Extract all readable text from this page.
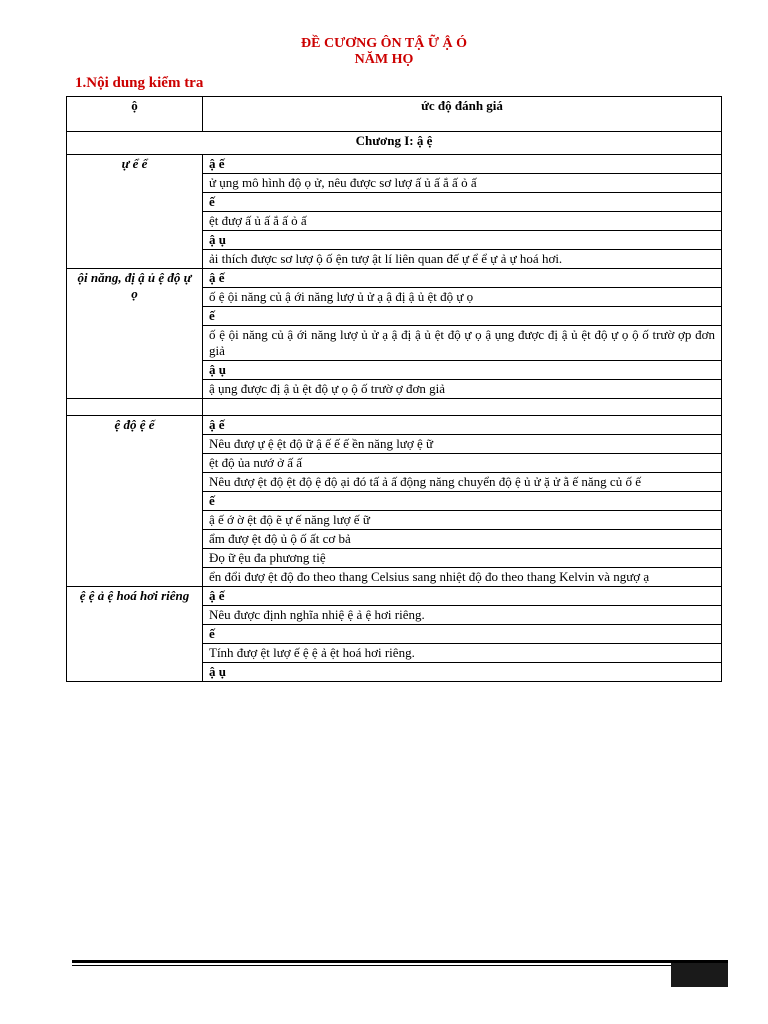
ĐỀ CƯƠNG ÔN TẬ Ữ Ậ Ó
NĂM HỌ
1.Nội dung kiểm tra
ộ	ức độ đánh giá
Chương I: ậ ệ	
ự ể ể	ậ ế
	ử ụng mô hình độ ọ ử, nêu được sơ lượ ấ ủ ấ ắ ấ ỏ ấ
	ế
	ệt đượ ấ ủ ấ ắ ấ ỏ ấ
	ậ ụ
	ải thích được sơ lượ ộ ố ện tượ ật lí liên quan đế ự ể ể ự ả ự hoá hơi.
ội năng, đị ậ ủ ệ độ ự ọ	ậ ế
	ố ệ ội năng củ ậ ới năng lượ ủ ử ạ ậ đị ậ ủ ệt độ ự ọ
	ế
	ố ệ ội năng củ ậ ới năng lượ ủ ử ạ ậ đị ậ ủ ệt độ ự ọ ậ ụng được đị ậ ủ ệt độ ự ọ ộ ố trườ ợp đơn giả
	ậ ụ
	ậ ụng được đị ậ ủ ệt độ ự ọ ộ ố trườ ợ đơn giả

ệ độ ệ ế	ậ ế
	Nêu đượ ự ệ ệt độ ữ ậ ế ế ế ền năng lượ ệ ữ
	ệt độ ủa nướ ở ấ ấ
	Nêu đượ ệt độ ệt độ ệ độ ại đó tấ ả ấ động năng chuyển độ ệ ủ ử ặ ử ằ ế năng củ ố ế
	ế
	ậ ế ớ ờ ệt độ ẽ ự ế năng lượ ế ữ
	ẩm đượ ệt độ ủ ộ ố ất cơ bả
	Đọ ữ ệu đa phương tiệ
	ển đổi đượ ệt độ đo theo thang Celsius sang nhiệt độ đo theo thang Kelvin và ngượ ạ
ệ ệ ả ệ hoá hơi riêng	ậ ế
	Nêu được định nghĩa nhiệ ệ ả ệ hơi riêng.
	ế
	Tính đượ ệt lượ ế ệ ệ ả ệt hoá hơi riêng.
	ậ ụ
